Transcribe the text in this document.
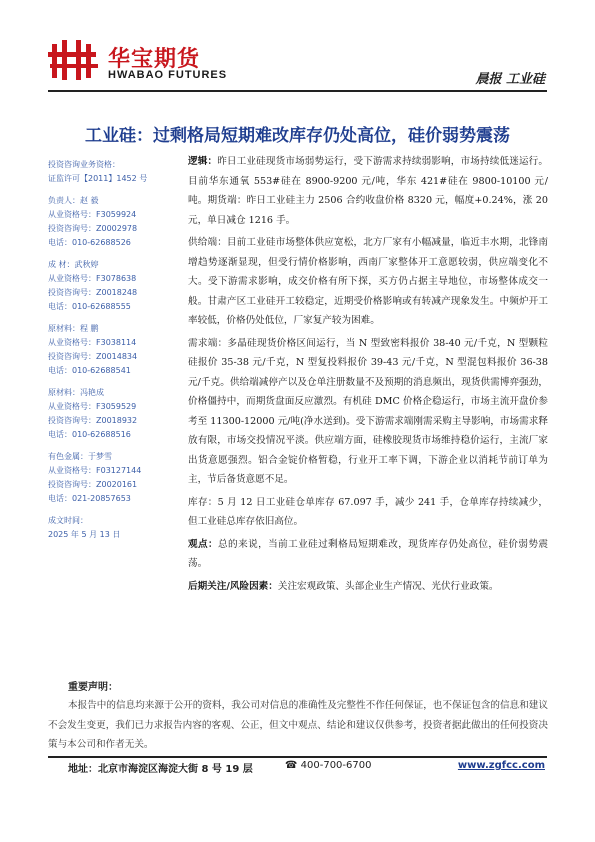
华宝期货
HWABAO FUTURES	晨报 工业硅
工业硅：过剩格局短期难改库存仍处高位，硅价弱势震荡
投资咨询业务资格：
证监许可【2011】1452 号
负责人：赵 毅
从业资格号：F3059924
投资咨询号：Z0002978
电话：010-62688526
成 材：武秋婷
从业资格号：F3078638
投资咨询号：Z0018248
电话：010-62688555
原材料：程 鹏
从业资格号：F3038114
投资咨询号：Z0014834
电话：010-62688541
原材料：冯艳成
从业资格号：F3059529
投资咨询号：Z0018932
电话：010-62688516
有色金属：于梦雪
从业资格号：F03127144
投资咨询号：Z0020161
电话：021-20857653
成文时间：
2025 年 5 月 13 日

逻辑：昨日工业硅现货市场弱势运行，受下游需求持续弱影响，市场持续低迷运行。目前华东通氧 553#硅在 8900-9200 元/吨，华东 421#硅在 9800-10100 元/吨。期货端：昨日工业硅主力 2506 合约收盘价格 8320 元，幅度+0.24%，涨 20 元，单日减仓 1216 手。

供给端：目前工业硅市场整体供应宽松，北方厂家有小幅减量，临近丰水期，北锋南增趋势逐渐显现，但受行情价格影响，西南厂家整体开工意愿较弱，供应端变化不大。受下游需求影响，成交价格有所下探，买方仍占据主导地位，市场整体成交一般。甘肃产区工业硅开工较稳定，近期受价格影响或有转减产现象发生。中频炉开工率较低，价格仍处低位，厂家复产较为困难。

需求端：多晶硅现货价格区间运行，当 N 型致密料报价 38-40 元/千克，N 型颗粒硅报价 35-38 元/千克，N 型复投料报价 39-43 元/千克，N 型混包料报价 36-38 元/千克。供给端减停产以及仓单注册数量不及预期的消息频出，现货供需博弈强劲，价格僵持中，而期货盘面反应激烈。有机硅 DMC 价格企稳运行，市场主流开盘价参考至 11300-12000 元/吨(净水送到)。受下游需求端刚需采购主导影响，市场需求释放有限，市场交投情况平淡。供应端方面，硅橡胶现货市场维持稳价运行，主流厂家出货意愿强烈。铝合金锭价格暂稳，行业开工率下调，下游企业以消耗节前订单为主，节后备货意愿不足。

库存：5 月 12 日工业硅仓单库存 67.097 手，减少 241 手，仓单库存持续减少，但工业硅总库存依旧高位。

观点：总的来说，当前工业硅过剩格局短期难改，现货库存仍处高位，硅价弱势震荡。

后期关注/风险因素：关注宏观政策、头部企业生产情况、光伏行业政策。

重要声明：
本报告中的信息均来源于公开的资料，我公司对信息的准确性及完整性不作任何保证，也不保证包含的信息和建议不会发生变更，我们已力求报告内容的客观、公正，但文中观点、结论和建议仅供参考，投资者据此做出的任何投资决策与本公司和作者无关。
地址：北京市海淀区海淀大街 8 号 19 层	☎ 400-700-6700	www.zgfcc.com
